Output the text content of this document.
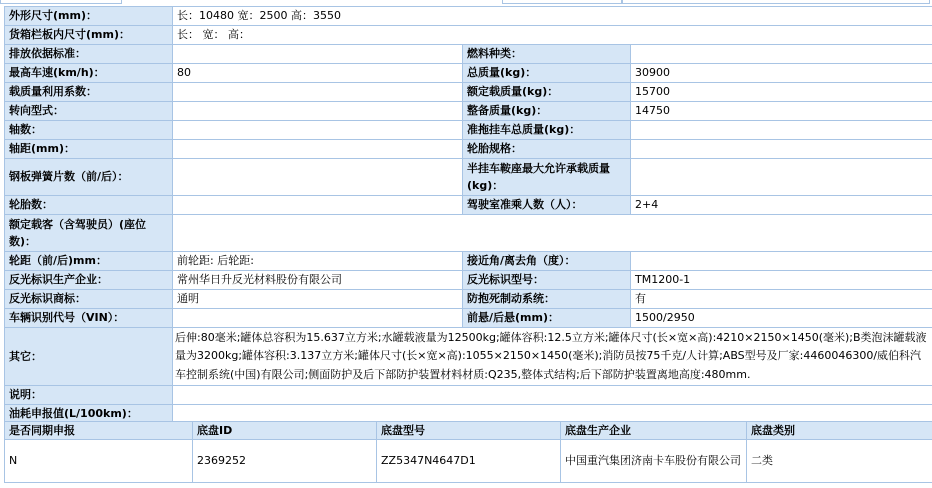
外形尺寸(mm)：	长：10480 宽：2500 高：3550		
货箱栏板内尺寸(mm)：	长： 宽： 高：		
排放依据标准：		燃料种类：	
最高车速(km/h)：	80	总质量(kg)：	30900
载质量利用系数：		额定载质量(kg)：	15700
转向型式：		整备质量(kg)：	14750
轴数：		准拖挂车总质量(kg)：	
轴距(mm)：		轮胎规格：	
钢板弹簧片数（前/后）：		半挂车鞍座最大允许承载质量(kg)：	
轮胎数：		驾驶室准乘人数（人）：	2+4
额定载客（含驾驶员）(座位数)：			
轮距（前/后)mm：	前轮距: 后轮距:	接近角/离去角（度）：	
反光标识生产企业：	常州华日升反光材料股份有限公司	反光标识型号：	TM1200-1
反光标识商标：	通明	防抱死制动系统：	有
车辆识别代号（VIN）：		前悬/后悬(mm)：	1500/2950
其它：	后伸:80毫米;罐体总容积为15.637立方米;水罐载液量为12500kg;罐体容积:12.5立方米;罐体尺寸(长×宽×高):4210×2150×1450(毫米);B类泡沫罐载液量为3200kg;罐体容积:3.137立方米;罐体尺寸(长×宽×高):1055×2150×1450(毫米);消防员按75千克/人计算;ABS型号及厂家:4460046300/威伯科汽车控制系统(中国)有限公司;侧面防护及后下部防护装置材料材质:Q235,整体式结构;后下部防护装置离地高度:480mm.		
说明：			
油耗申报值(L/100km)：			
是否同期申报	底盘ID	底盘型号	底盘生产企业	底盘类别
N	2369252	ZZ5347N4647D1	中国重汽集团济南卡车股份有限公司	二类
